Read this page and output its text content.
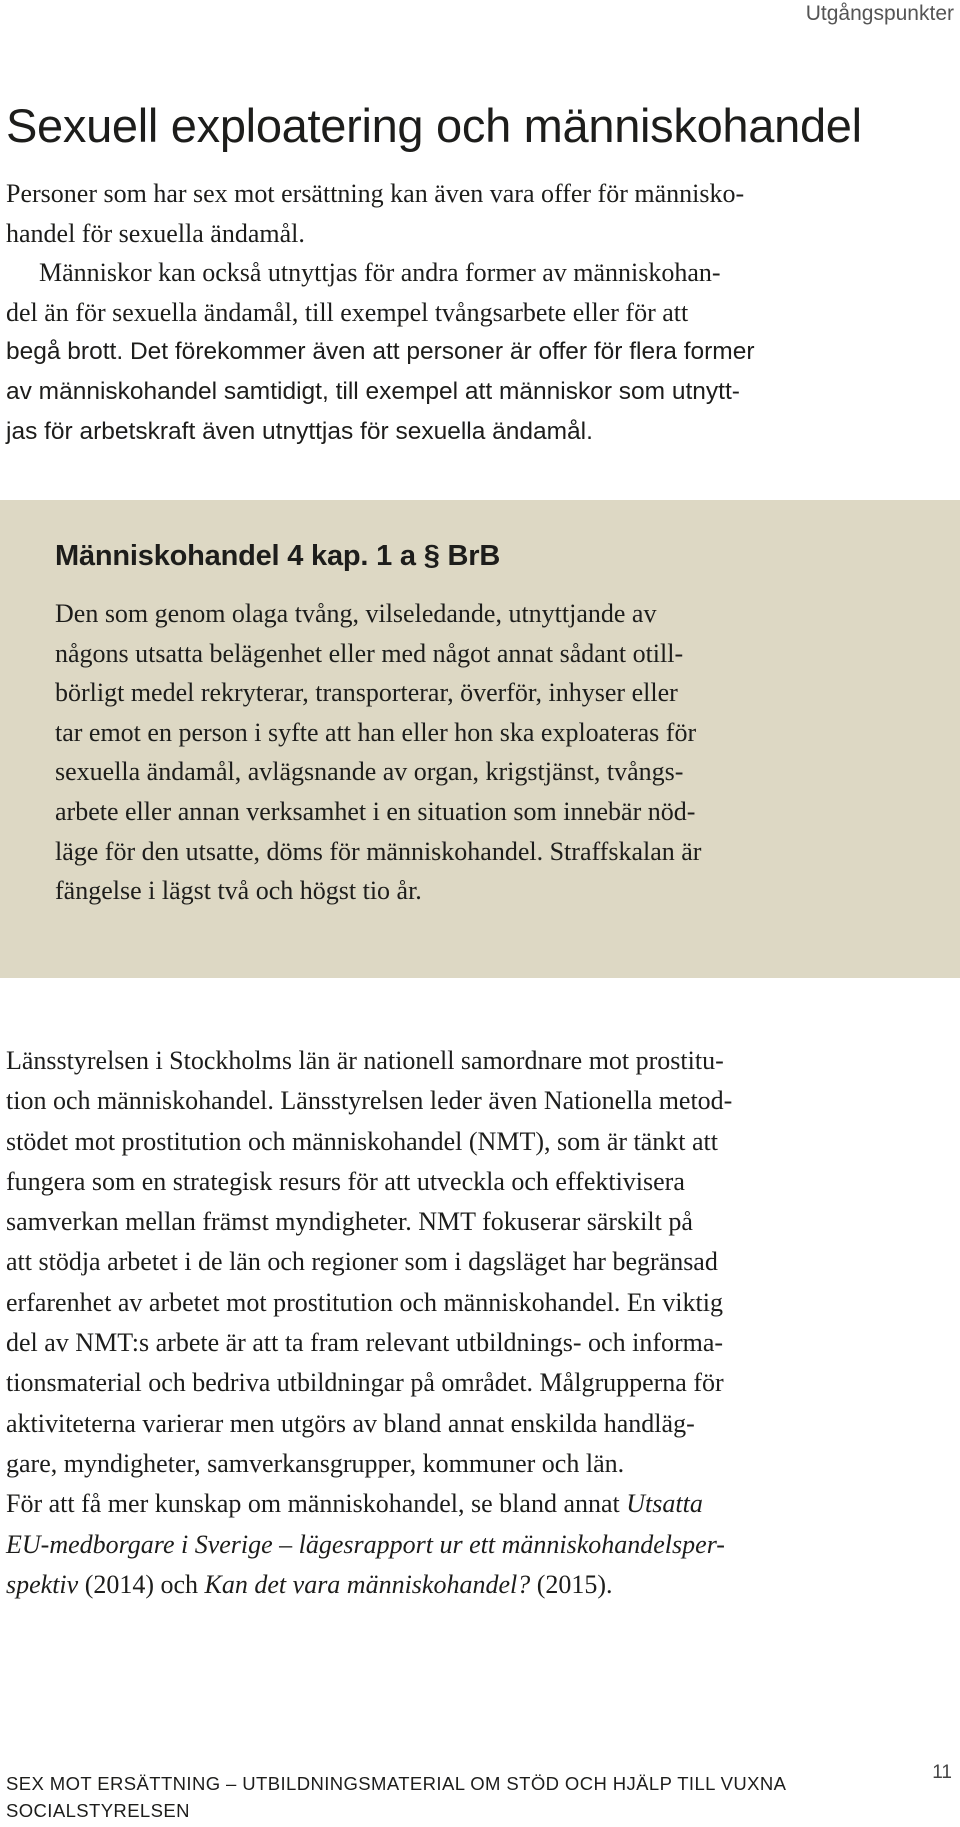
Utgångspunkter
Sexuell exploatering och människohandel
Personer som har sex mot ersättning kan även vara offer för människo-
handel för sexuella ändamål.
Människor kan också utnyttjas för andra former av människohan-
del än för sexuella ändamål, till exempel tvångsarbete eller för att
begå brott. Det förekommer även att personer är offer för flera former
av människohandel samtidigt, till exempel att människor som utnytt-
jas för arbetskraft även utnyttjas för sexuella ändamål.
Människohandel 4 kap. 1 a § BrB
Den som genom olaga tvång, vilseledande, utnyttjande av
någons utsatta belägenhet eller med något annat sådant otill-
börligt medel rekryterar, transporterar, överför, inhyser eller
tar emot en person i syfte att han eller hon ska exploateras för
sexuella ändamål, avlägsnande av organ, krigstjänst, tvångs-
arbete eller annan verksamhet i en situation som innebär nöd-
läge för den utsatte, döms för människohandel. Straffskalan är
fängelse i lägst två och högst tio år.
Länsstyrelsen i Stockholms län är nationell samordnare mot prostitu-
tion och människohandel. Länsstyrelsen leder även Nationella metod-
stödet mot prostitution och människohandel (NMT), som är tänkt att
fungera som en strategisk resurs för att utveckla och effektivisera
samverkan mellan främst myndigheter. NMT fokuserar särskilt på
att stödja arbetet i de län och regioner som i dagsläget har begränsad
erfarenhet av arbetet mot prostitution och människohandel. En viktig
del av NMT:s arbete är att ta fram relevant utbildnings- och informa-
tionsmaterial och bedriva utbildningar på området. Målgrupperna för
aktiviteterna varierar men utgörs av bland annat enskilda handläg-
gare, myndigheter, samverkansgrupper, kommuner och län.
För att få mer kunskap om människohandel, se bland annat Utsatta
EU-medborgare i Sverige – lägesrapport ur ett människohandelsper-
spektiv (2014) och Kan det vara människohandel? (2015).
SEX MOT ERSÄTTNING – UTBILDNINGSMATERIAL OM STÖD OCH HJÄLP TILL VUXNA
SOCIALSTYRELSEN
11
